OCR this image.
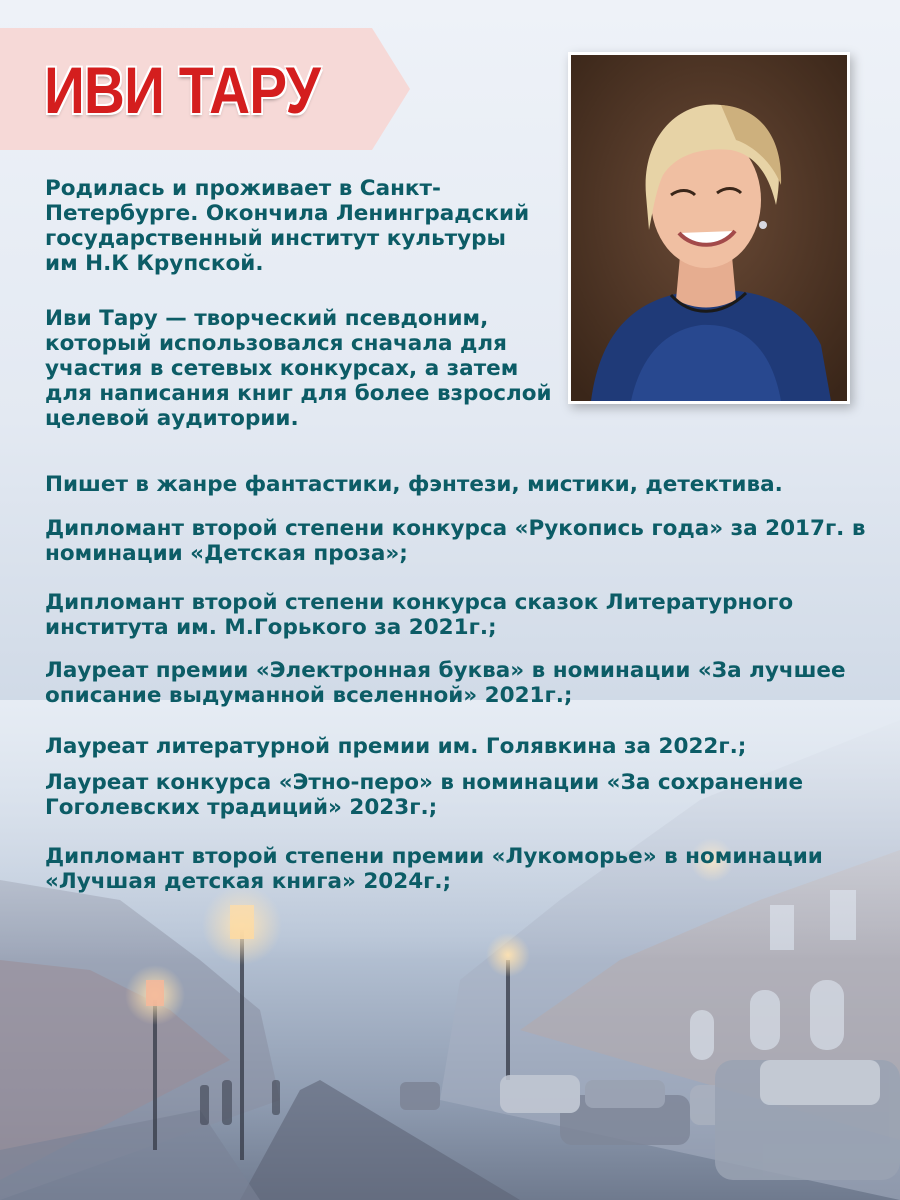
ИВИ ТАРУ
Родилась и проживает в Санкт-Петербурге. Окончила Ленинградский государственный институт культуры им Н.К Крупской.
Иви Тару — творческий псевдоним, который использовался сначала для участия в сетевых конкурсах, а затем для написания книг для более взрослой целевой аудитории.
Пишет в жанре фантастики, фэнтези, мистики, детектива.
Дипломант второй степени конкурса «Рукопись года» за 2017г. в номинации «Детская проза»;
Дипломант второй степени конкурса сказок Литературного института им. М.Горького за 2021г.;
Лауреат премии «Электронная буква» в номинации «За лучшее описание выдуманной вселенной» 2021г.;
Лауреат литературной премии им. Голявкина за 2022г.;
Лауреат конкурса «Этно-перо» в номинации «За сохранение Гоголевских традиций» 2023г.;
Дипломант второй степени премии «Лукоморье» в номинации «Лучшая детская книга» 2024г.;
